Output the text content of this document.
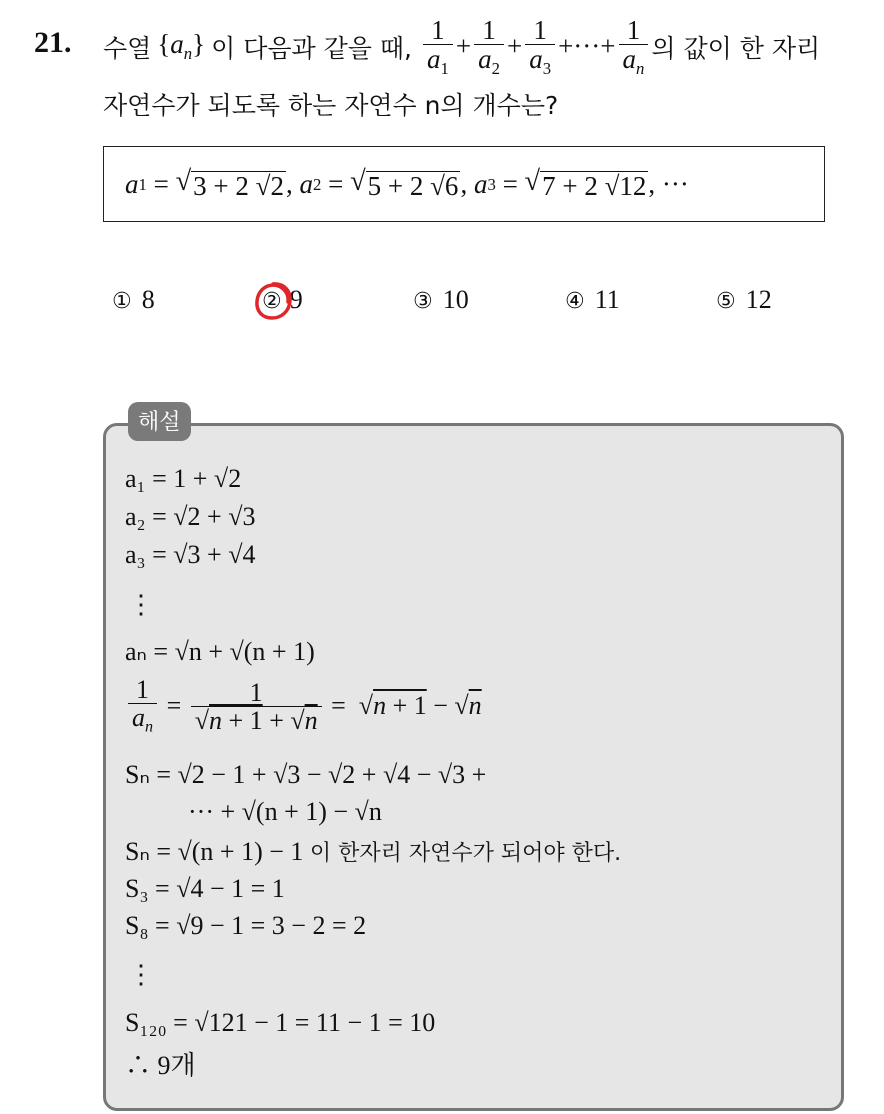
21. 수열 $\{a_n\}$ 이 다음과 같을 때, $\frac{1}{a_1} + \frac{1}{a_2} + \frac{1}{a_3}$ +···+ $\frac{1}{a_n}$ 의 값이 한 자리
자연수가 되도록 하는 자연수 n의 개수는?
a 1 = √ 3 + 2 √2 , a 2 = √ 5 + 2 √6 , a 3 = √ 7 + 2 √12 , ···
① 8	② 9	③ 10	④ 11	⑤ 12
해설
a₁ = 1 + √2
a₂ = √2 + √3
a₃ = √3 + √4
⋮
aₙ = √n + √(n + 1)
$\frac{1}{a_n} = \frac{1}{√n + 1 + √n}$ =  √ n + 1 − √ n
Sₙ = √2 − 1 + √3 − √2 + √4 − √3 +
··· + √(n + 1) − √n
Sₙ = √(n + 1) − 1 이 한자리 자연수가 되어야 한다.
S₃ = √4 − 1 = 1
S₈ = √9 − 1 = 3 − 2 = 2
⋮
S₁₂₀ = √121 − 1 = 11 − 1 = 10
∴ 9개
